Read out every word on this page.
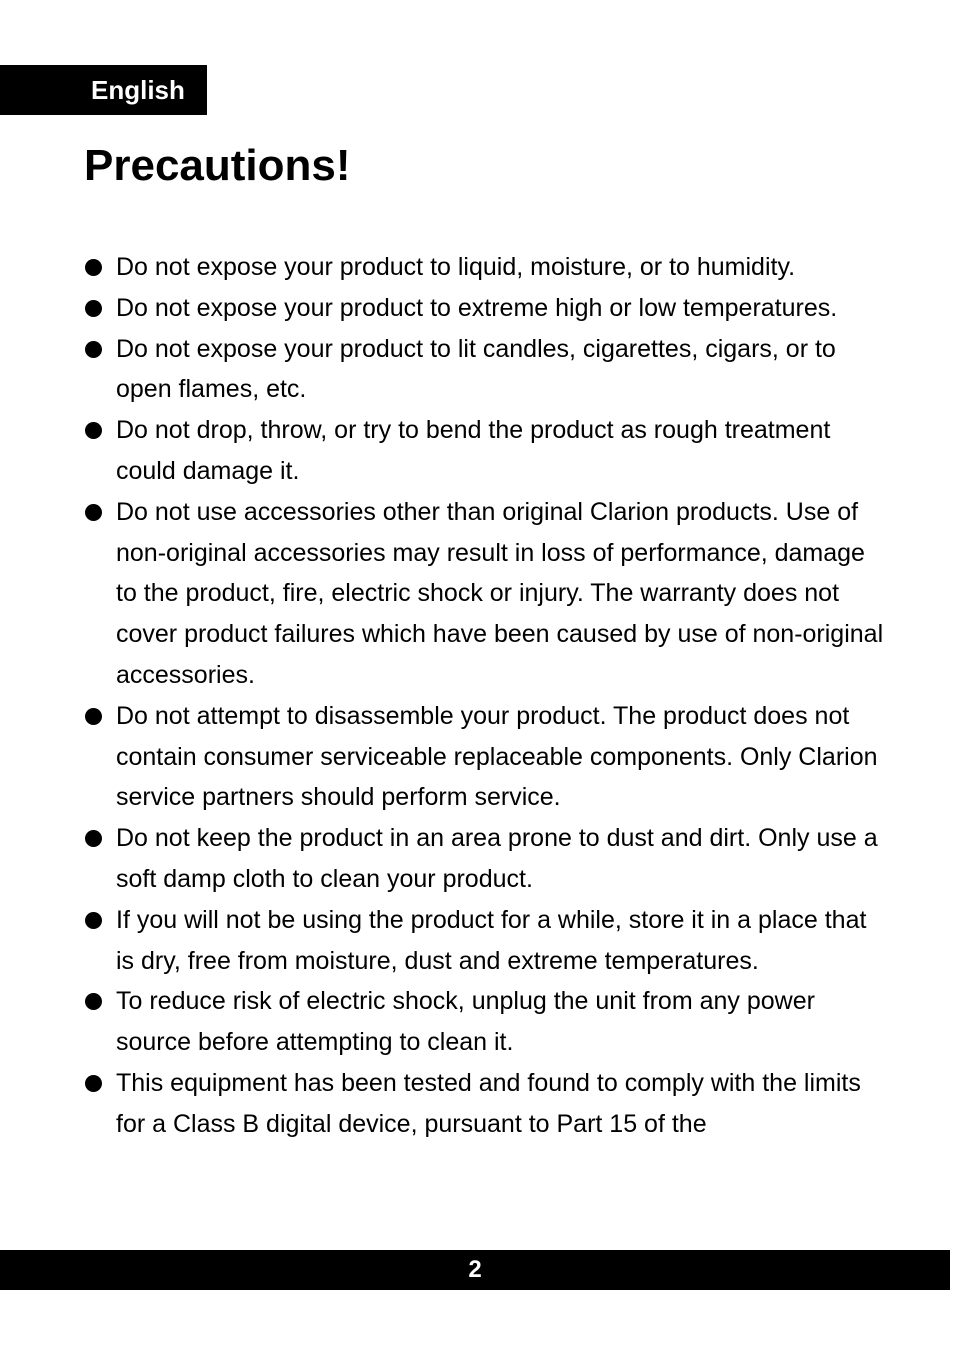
English
Precautions!
Do not expose your product to liquid, moisture, or to humidity.
Do not expose your product to extreme high or low temperatures.
Do not expose your product to lit candles, cigarettes, cigars, or to open flames, etc.
Do not drop, throw, or try to bend the product as rough treatment could damage it.
Do not use accessories other than original Clarion products. Use of non-original accessories may result in loss of performance, damage to the product, fire, electric shock or injury. The warranty does not cover product failures which have been caused by use of non-original accessories.
Do not attempt to disassemble your product. The product does not contain consumer serviceable replaceable components. Only Clarion service partners should perform service.
Do not keep the product in an area prone to dust and dirt. Only use a soft damp cloth to clean your product.
If you will not be using the product for a while, store it in a place that is dry, free from moisture, dust and extreme temperatures.
To reduce risk of electric shock, unplug the unit from any power source before attempting to clean it.
This equipment has been tested and found to comply with the limits for a Class B digital device, pursuant to Part 15 of the
2
